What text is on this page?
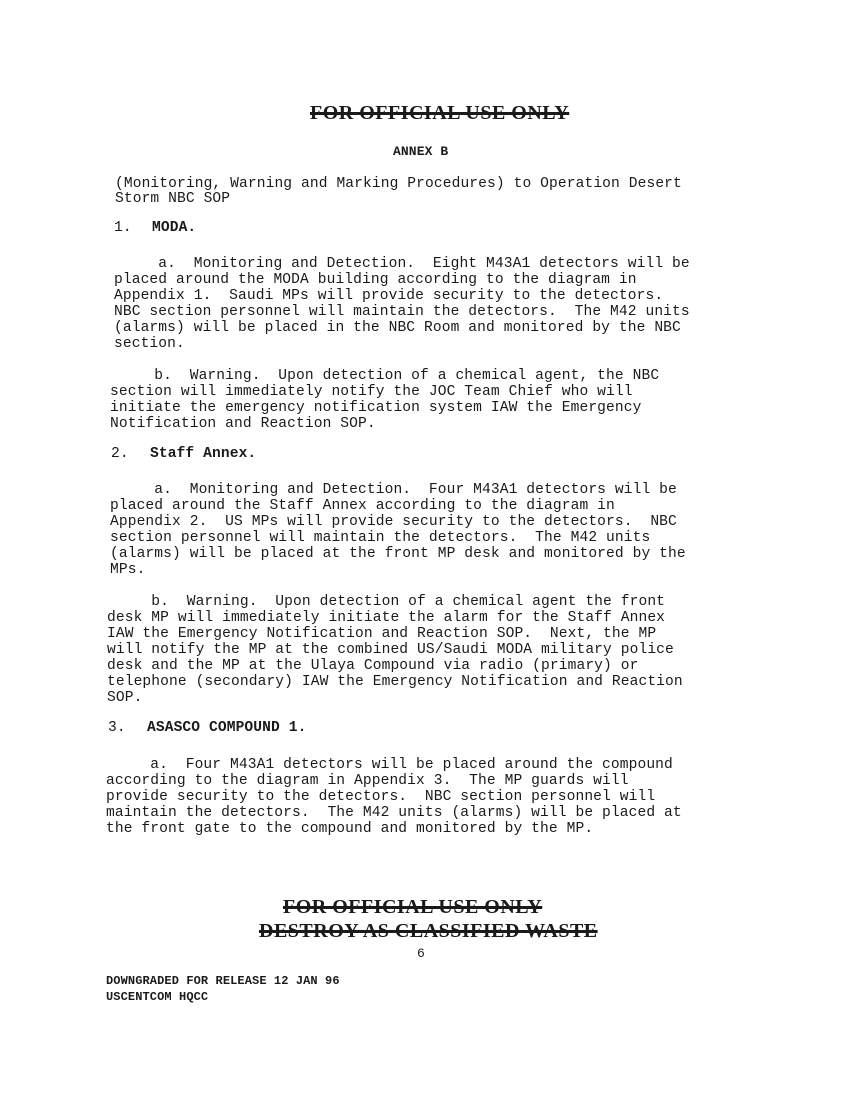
FOR OFFICIAL USE ONLY
ANNEX B
(Monitoring, Warning and Marking Procedures) to Operation Desert
Storm NBC SOP
1. MODA.
a.  Monitoring and Detection.  Eight M43A1 detectors will be
placed around the MODA building according to the diagram in
Appendix 1.  Saudi MPs will provide security to the detectors.
NBC section personnel will maintain the detectors.  The M42 units
(alarms) will be placed in the NBC Room and monitored by the NBC
section.
b.  Warning.  Upon detection of a chemical agent, the NBC
section will immediately notify the JOC Team Chief who will
initiate the emergency notification system IAW the Emergency
Notification and Reaction SOP.
2. Staff Annex.
a.  Monitoring and Detection.  Four M43A1 detectors will be
placed around the Staff Annex according to the diagram in
Appendix 2.  US MPs will provide security to the detectors.  NBC
section personnel will maintain the detectors.  The M42 units
(alarms) will be placed at the front MP desk and monitored by the
MPs.
b.  Warning.  Upon detection of a chemical agent the front
desk MP will immediately initiate the alarm for the Staff Annex
IAW the Emergency Notification and Reaction SOP.  Next, the MP
will notify the MP at the combined US/Saudi MODA military police
desk and the MP at the Ulaya Compound via radio (primary) or
telephone (secondary) IAW the Emergency Notification and Reaction
SOP.
3. ASASCO COMPOUND 1.
a.  Four M43A1 detectors will be placed around the compound
according to the diagram in Appendix 3.  The MP guards will
provide security to the detectors.  NBC section personnel will
maintain the detectors.  The M42 units (alarms) will be placed at
the front gate to the compound and monitored by the MP.
FOR OFFICIAL USE ONLY
DESTROY AS CLASSIFIED WASTE
6
DOWNGRADED FOR RELEASE 12 JAN 96
USCENTCOM HQCC
